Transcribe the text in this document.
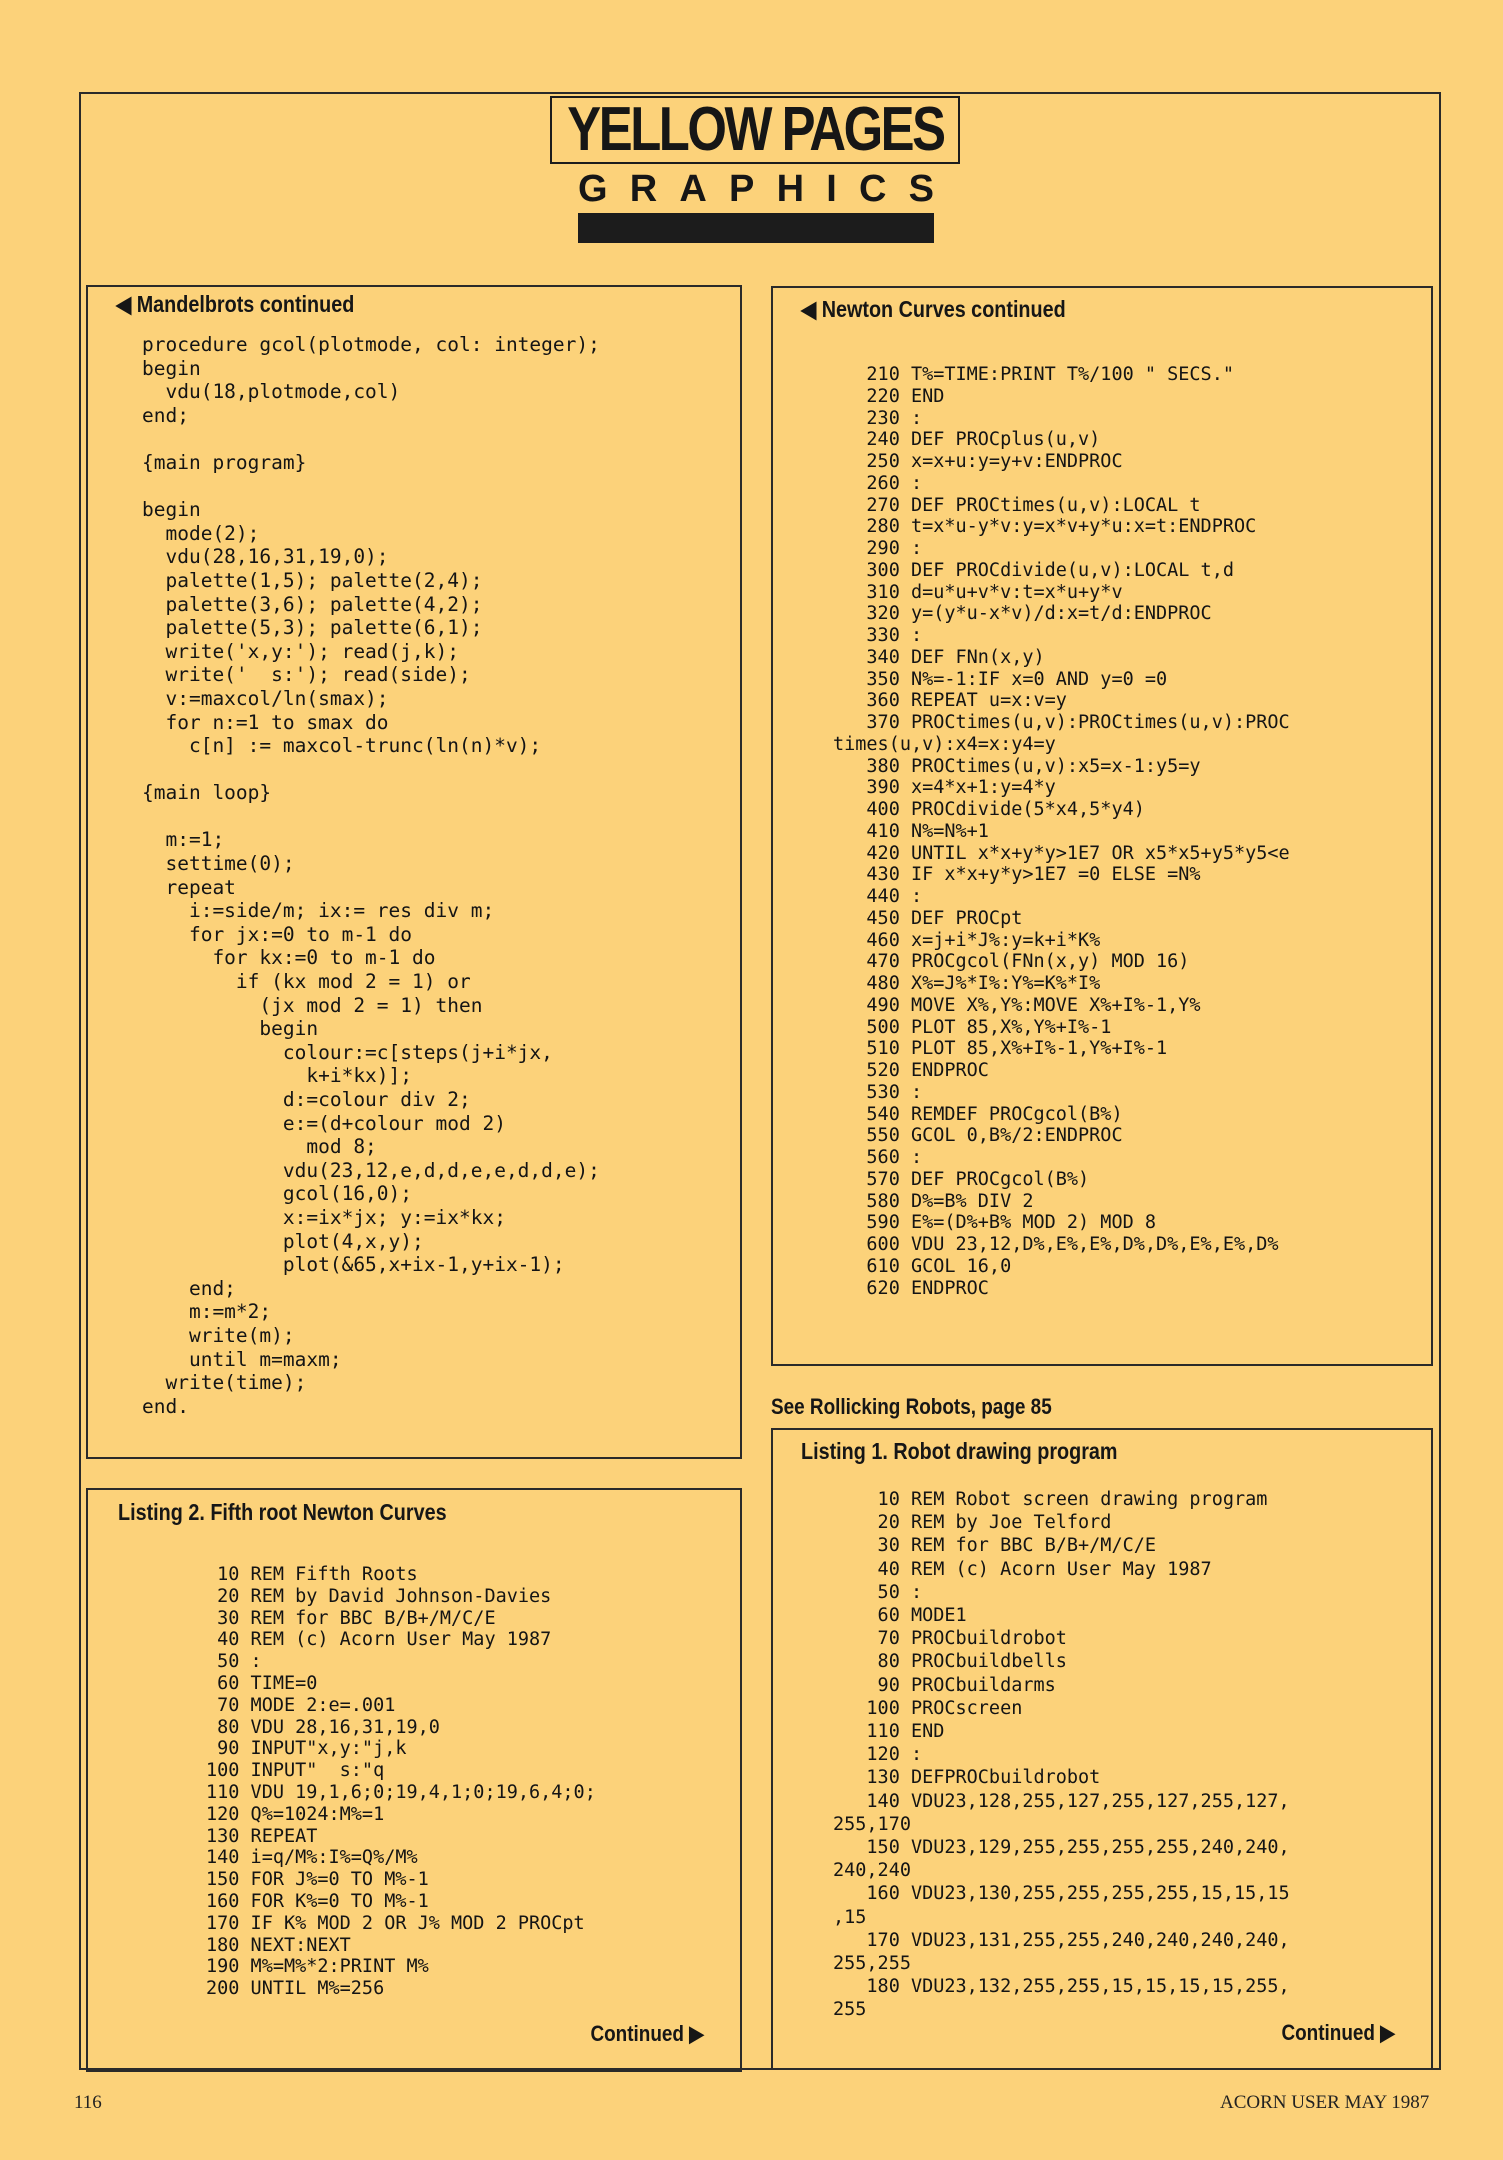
YELLOW PAGES
G R A P H I C S
◀ Mandelbrots continued
procedure gcol(plotmode, col: integer);
begin
vdu(18,plotmode,col)
end;

{main program}

begin
mode(2);
vdu(28,16,31,19,0);
palette(1,5); palette(2,4);
palette(3,6); palette(4,2);
palette(5,3); palette(6,1);
write('x,y:'); read(j,k);
write('  s:'); read(side);
v:=maxcol/ln(smax);
for n:=1 to smax do
c[n] := maxcol-trunc(ln(n)*v);

{main loop}

m:=1;
settime(0);
repeat
i:=side/m; ix:= res div m;
for jx:=0 to m-1 do
for kx:=0 to m-1 do
if (kx mod 2 = 1) or
(jx mod 2 = 1) then
begin
colour:=c[steps(j+i*jx,
k+i*kx)];
d:=colour div 2;
e:=(d+colour mod 2)
mod 8;
vdu(23,12,e,d,d,e,e,d,d,e);
gcol(16,0);
x:=ix*jx; y:=ix*kx;
plot(4,x,y);
plot(&65,x+ix-1,y+ix-1);
end;
m:=m*2;
write(m);
until m=maxm;
write(time);
end.
Listing 2. Fifth root Newton Curves
10 REM Fifth Roots
20 REM by David Johnson-Davies
30 REM for BBC B/B+/M/C/E
40 REM (c) Acorn User May 1987
50 :
60 TIME=0
70 MODE 2:e=.001
80 VDU 28,16,31,19,0
90 INPUT"x,y:"j,k
100 INPUT"  s:"q
110 VDU 19,1,6;0;19,4,1;0;19,6,4;0;
120 Q%=1024:M%=1
130 REPEAT
140 i=q/M%:I%=Q%/M%
150 FOR J%=0 TO M%-1
160 FOR K%=0 TO M%-1
170 IF K% MOD 2 OR J% MOD 2 PROCpt
180 NEXT:NEXT
190 M%=M%*2:PRINT M%
200 UNTIL M%=256
Continued ▶
◀ Newton Curves continued
210 T%=TIME:PRINT T%/100 " SECS."
220 END
230 :
240 DEF PROCplus(u,v)
250 x=x+u:y=y+v:ENDPROC
260 :
270 DEF PROCtimes(u,v):LOCAL t
280 t=x*u-y*v:y=x*v+y*u:x=t:ENDPROC
290 :
300 DEF PROCdivide(u,v):LOCAL t,d
310 d=u*u+v*v:t=x*u+y*v
320 y=(y*u-x*v)/d:x=t/d:ENDPROC
330 :
340 DEF FNn(x,y)
350 N%=-1:IF x=0 AND y=0 =0
360 REPEAT u=x:v=y
370 PROCtimes(u,v):PROCtimes(u,v):PROC
times(u,v):x4=x:y4=y
380 PROCtimes(u,v):x5=x-1:y5=y
390 x=4*x+1:y=4*y
400 PROCdivide(5*x4,5*y4)
410 N%=N%+1
420 UNTIL x*x+y*y>1E7 OR x5*x5+y5*y5<e
430 IF x*x+y*y>1E7 =0 ELSE =N%
440 :
450 DEF PROCpt
460 x=j+i*J%:y=k+i*K%
470 PROCgcol(FNn(x,y) MOD 16)
480 X%=J%*I%:Y%=K%*I%
490 MOVE X%,Y%:MOVE X%+I%-1,Y%
500 PLOT 85,X%,Y%+I%-1
510 PLOT 85,X%+I%-1,Y%+I%-1
520 ENDPROC
530 :
540 REMDEF PROCgcol(B%)
550 GCOL 0,B%/2:ENDPROC
560 :
570 DEF PROCgcol(B%)
580 D%=B% DIV 2
590 E%=(D%+B% MOD 2) MOD 8
600 VDU 23,12,D%,E%,E%,D%,D%,E%,E%,D%
610 GCOL 16,0
620 ENDPROC
See Rollicking Robots, page 85
Listing 1. Robot drawing program
10 REM Robot screen drawing program
20 REM by Joe Telford
30 REM for BBC B/B+/M/C/E
40 REM (c) Acorn User May 1987
50 :
60 MODE1
70 PROCbuildrobot
80 PROCbuildbells
90 PROCbuildarms
100 PROCscreen
110 END
120 :
130 DEFPROCbuildrobot
140 VDU23,128,255,127,255,127,255,127,
255,170
150 VDU23,129,255,255,255,255,240,240,
240,240
160 VDU23,130,255,255,255,255,15,15,15
,15
170 VDU23,131,255,255,240,240,240,240,
255,255
180 VDU23,132,255,255,15,15,15,15,255,
255
Continued ▶
116	ACORN USER MAY 1987
